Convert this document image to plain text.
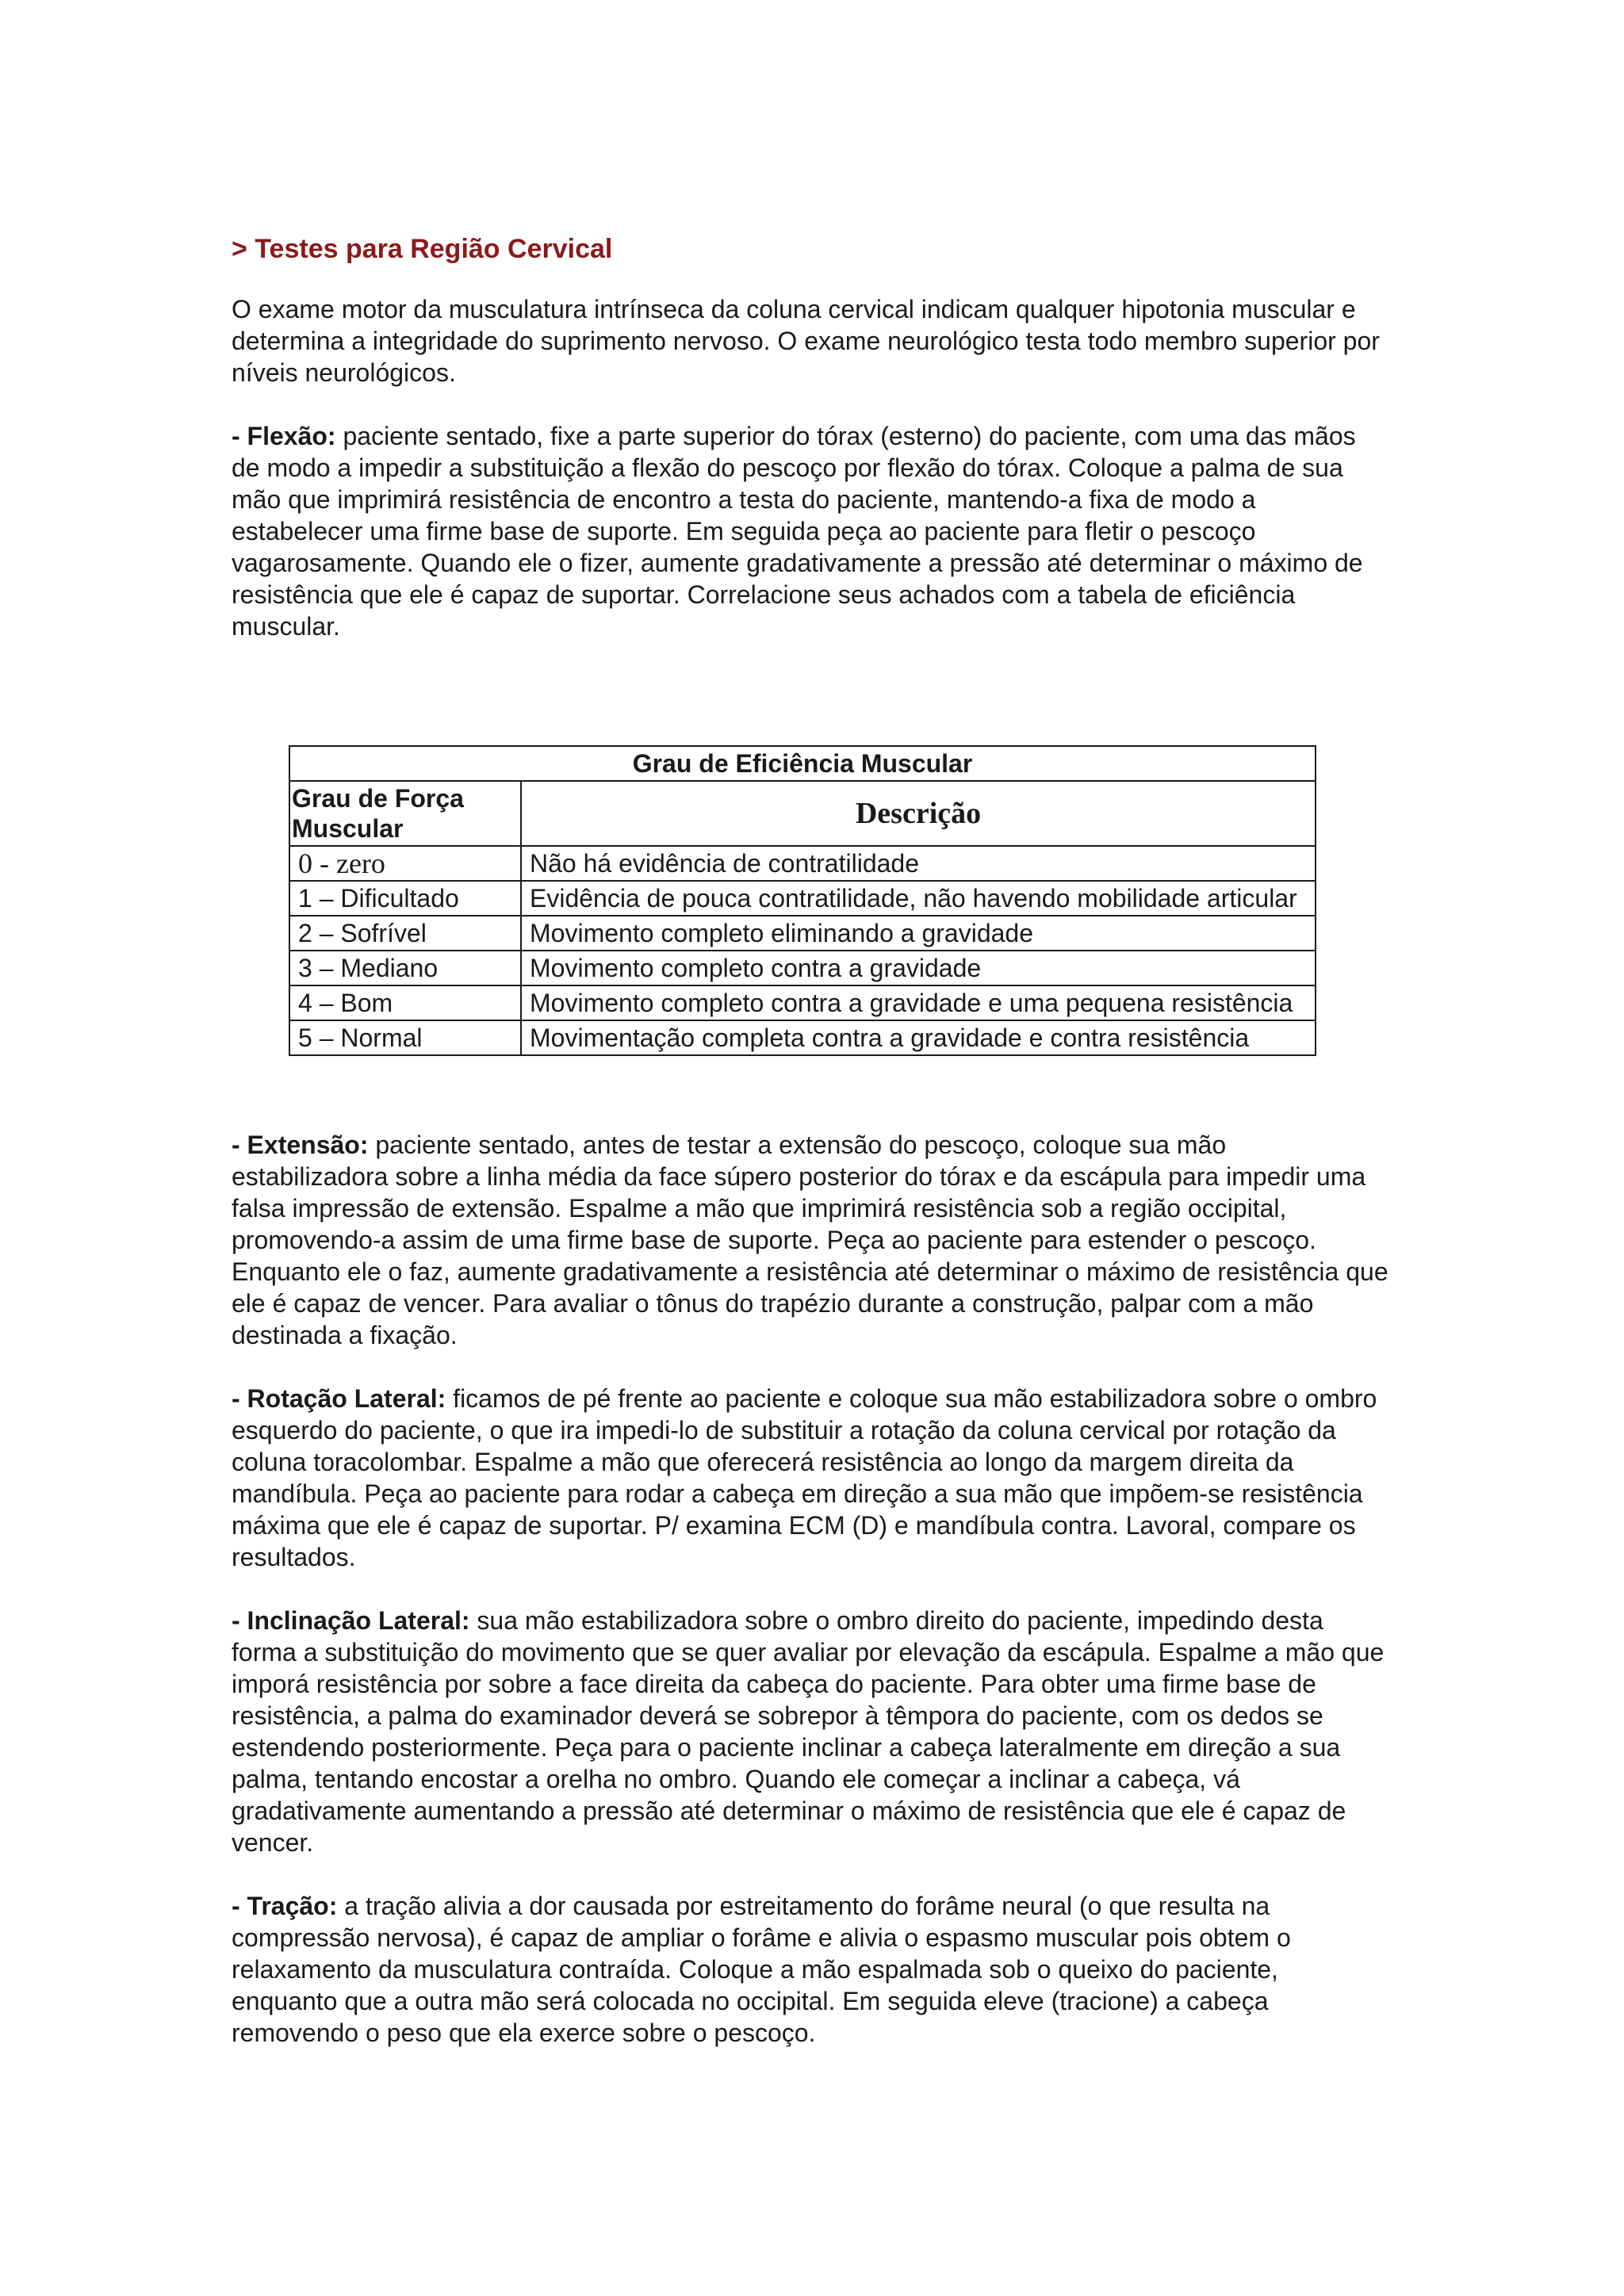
> Testes para Região Cervical

O exame motor da musculatura intrínseca da coluna cervical indicam qualquer hipotonia muscular e determina a integridade do suprimento nervoso. O exame neurológico testa todo membro superior por níveis neurológicos.

- Flexão: paciente sentado, fixe a parte superior do tórax (esterno) do paciente, com uma das mãos de modo a impedir a substituição a flexão do pescoço por flexão do tórax. Coloque a palma de sua mão que imprimirá resistência de encontro a testa do paciente, mantendo-a fixa de modo a estabelecer uma firme base de suporte. Em seguida peça ao paciente para fletir o pescoço vagarosamente. Quando ele o fizer, aumente gradativamente a pressão até determinar o máximo de resistência que ele é capaz de suportar. Correlacione seus achados com a tabela de eficiência muscular.

Grau de Eficiência Muscular	
Grau de Força Muscular	Descrição
0 - zero	Não há evidência de contratilidade
1 – Dificultado	Evidência de pouca contratilidade, não havendo mobilidade articular
2 – Sofrível	Movimento completo eliminando a gravidade
3 – Mediano	Movimento completo contra a gravidade
4 – Bom	Movimento completo contra a gravidade e uma pequena resistência
5 – Normal	Movimentação completa contra a gravidade e contra resistência

- Extensão: paciente sentado, antes de testar a extensão do pescoço, coloque sua mão estabilizadora sobre a linha média da face súpero posterior do tórax e da escápula para impedir uma falsa impressão de extensão. Espalme a mão que imprimirá resistência sob a região occipital, promovendo-a assim de uma firme base de suporte. Peça ao paciente para estender o pescoço. Enquanto ele o faz, aumente gradativamente a resistência até determinar o máximo de resistência que ele é capaz de vencer. Para avaliar o tônus do trapézio durante a construção, palpar com a mão destinada a fixação.

- Rotação Lateral: ficamos de pé frente ao paciente e coloque sua mão estabilizadora sobre o ombro esquerdo do paciente, o que ira impedi-lo de substituir a rotação da coluna cervical por rotação da coluna toracolombar. Espalme a mão que oferecerá resistência ao longo da margem direita da mandíbula. Peça ao paciente para rodar a cabeça em direção a sua mão que impõem-se resistência máxima que ele é capaz de suportar. P/ examina ECM (D) e mandíbula contra. Lavoral, compare os resultados.

- Inclinação Lateral: sua mão estabilizadora sobre o ombro direito do paciente, impedindo desta forma a substituição do movimento que se quer avaliar por elevação da escápula. Espalme a mão que imporá resistência por sobre a face direita da cabeça do paciente. Para obter uma firme base de resistência, a palma do examinador deverá se sobrepor à têmpora do paciente, com os dedos se estendendo posteriormente. Peça para o paciente inclinar a cabeça lateralmente em direção a sua palma, tentando encostar a orelha no ombro. Quando ele começar a inclinar a cabeça, vá gradativamente aumentando a pressão até determinar o máximo de resistência que ele é capaz de vencer.

- Tração: a tração alivia a dor causada por estreitamento do forâme neural (o que resulta na compressão nervosa), é capaz de ampliar o forâme e alivia o espasmo muscular pois obtem o relaxamento da musculatura contraída. Coloque a mão espalmada sob o queixo do paciente, enquanto que a outra mão será colocada no occipital. Em seguida eleve (tracione) a cabeça removendo o peso que ela exerce sobre o pescoço.
